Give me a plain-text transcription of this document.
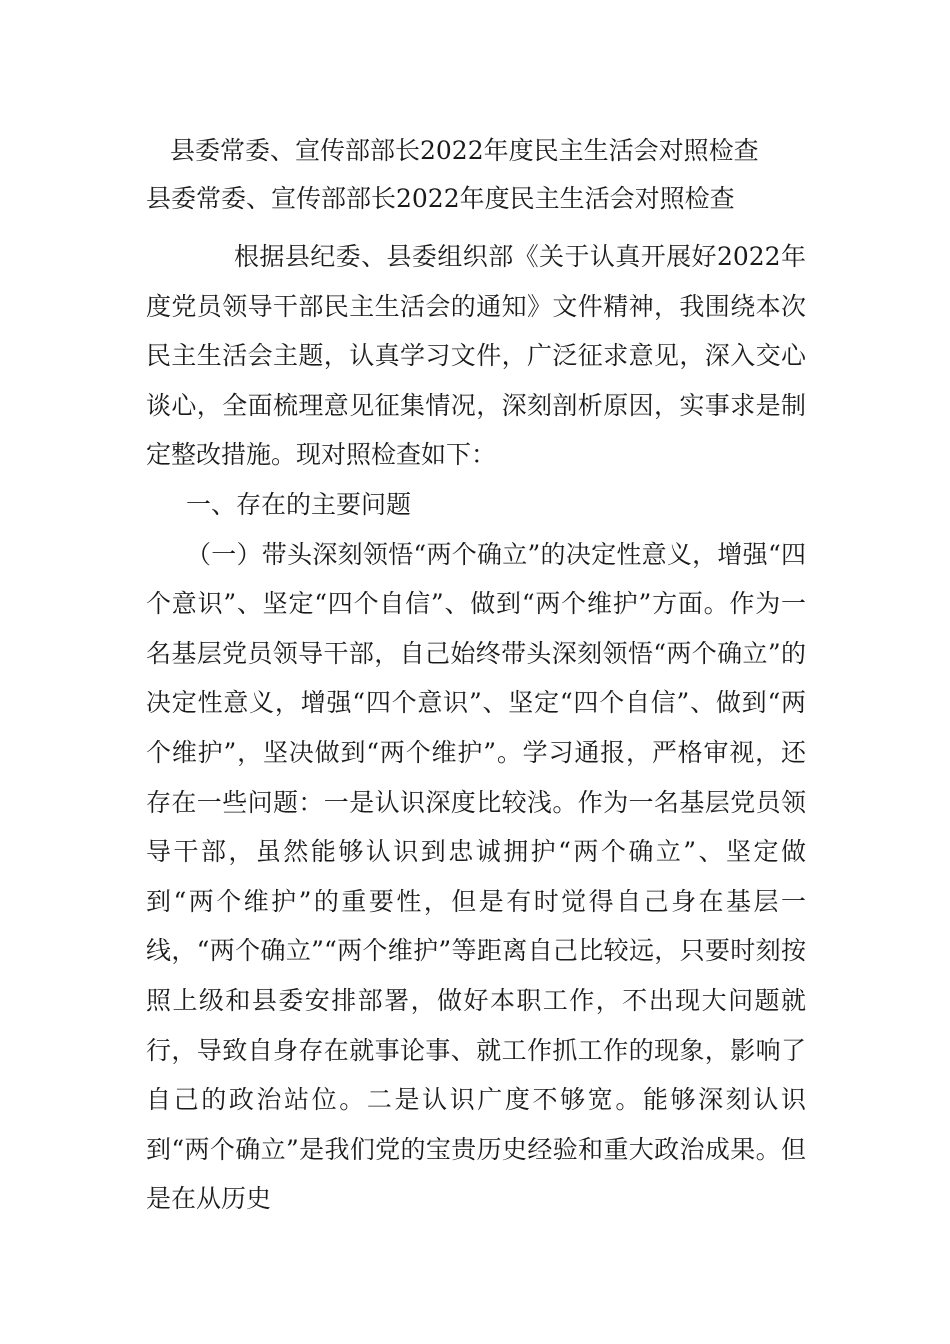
县委常委、宣传部部长2022年度民主生活会对照检查
县委常委、宣传部部长2022年度民主生活会对照检查

根据县纪委、县委组织部《关于认真开展好2022年度党员领导干部民主生活会的通知》文件精神，我围绕本次民主生活会主题，认真学习文件，广泛征求意见，深入交心谈心，全面梳理意见征集情况，深刻剖析原因，实事求是制定整改措施。现对照检查如下：

一、存在的主要问题

（一）带头深刻领悟“两个确立”的决定性意义，增强“四个意识”、坚定“四个自信”、做到“两个维护”方面。作为一名基层党员领导干部，自己始终带头深刻领悟“两个确立”的决定性意义，增强“四个意识”、坚定“四个自信”、做到“两个维护”，坚决做到“两个维护”。学习通报，严格审视，还存在一些问题：一是认识深度比较浅。作为一名基层党员领导干部，虽然能够认识到忠诚拥护“两个确立”、坚定做到“两个维护”的重要性，但是有时觉得自己身在基层一线，“两个确立”“两个维护”等距离自己比较远，只要时刻按照上级和县委安排部署，做好本职工作，不出现大问题就行，导致自身存在就事论事、就工作抓工作的现象，影响了自己的政治站位。二是认识广度不够宽。能够深刻认识到“两个确立”是我们党的宝贵历史经验和重大政治成果。但是在从历史
